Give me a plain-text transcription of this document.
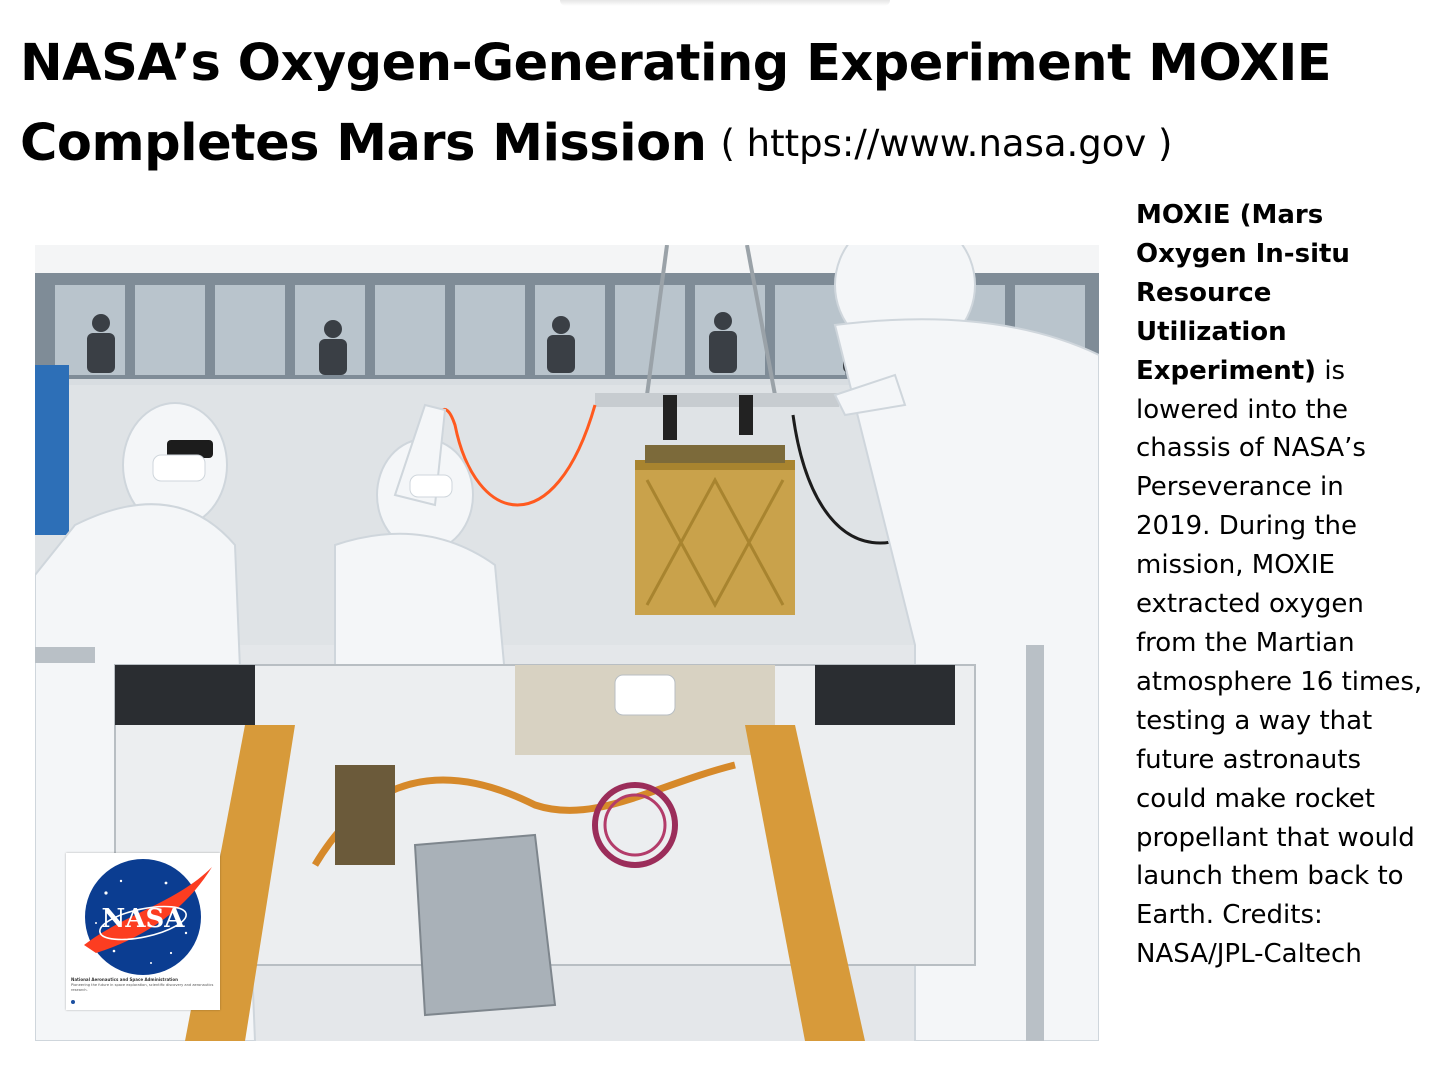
NASA’s Oxygen-Generating Experiment MOXIE Completes Mars Mission ( https://www.nasa.gov )
NASA
National Aeronautics and Space Administration
Pioneering the future in space exploration, scientific discovery and aeronautics research.
MOXIE (Mars Oxygen In-situ Resource Utilization Experiment) is lowered into the chassis of NASA’s Perseverance in 2019. During the mission, MOXIE extracted oxygen from the Martian atmosphere 16 times, testing a way that future astronauts could make rocket propellant that would launch them back to Earth. Credits: NASA/JPL-Caltech
